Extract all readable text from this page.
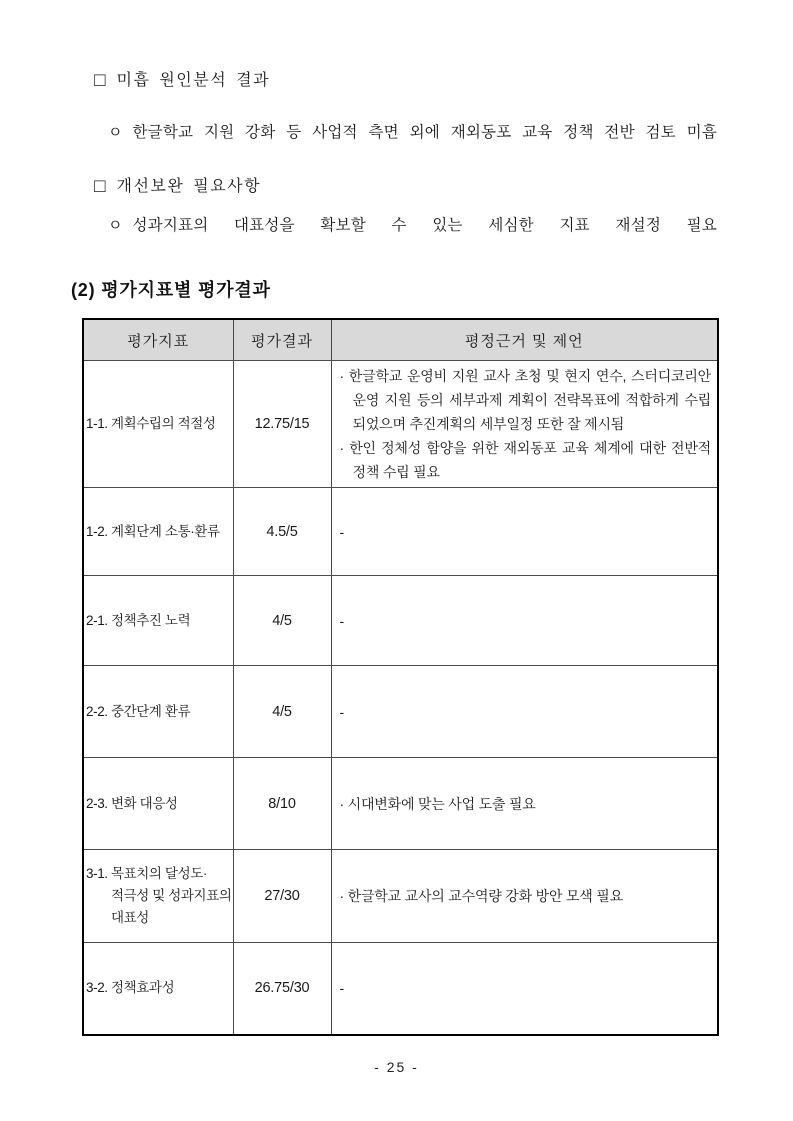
□ 미흡 원인분석 결과
ㅇ 한글학교 지원 강화 등 사업적 측면 외에 재외동포 교육 정책 전반 검토 미흡
□ 개선보완 필요사항
ㅇ 성과지표의 대표성을 확보할 수 있는 세심한 지표 재설정 필요
(2) 평가지표별 평가결과
평가지표	평가결과	평정근거 및 제언
1-1. 계획수립의 적절성	12.75/15	· 한글학교 운영비 지원 교사 초청 및 현지 연수, 스터디코리안 운영 지원 등의 세부과제 계획이 전략목표에 적합하게 수립되었으며 추진계획의 세부일정 또한 잘 제시됨
· 한인 정체성 함양을 위한 재외동포 교육 체계에 대한 전반적 정책 수립 필요

1-2. 계획단계 소통·환류	4.5/5	-

2-1. 정책추진 노력	4/5	-

2-2. 중간단계 환류	4/5	-

2-3. 변화 대응성	8/10	· 시대변화에 맞는 사업 도출 필요

3-1. 목표치의 달성도·적극성 및 성과지표의 대표성	27/30	· 한글학교 교사의 교수역량 강화 방안 모색 필요

3-2. 정책효과성	26.75/30	-
- 25 -
